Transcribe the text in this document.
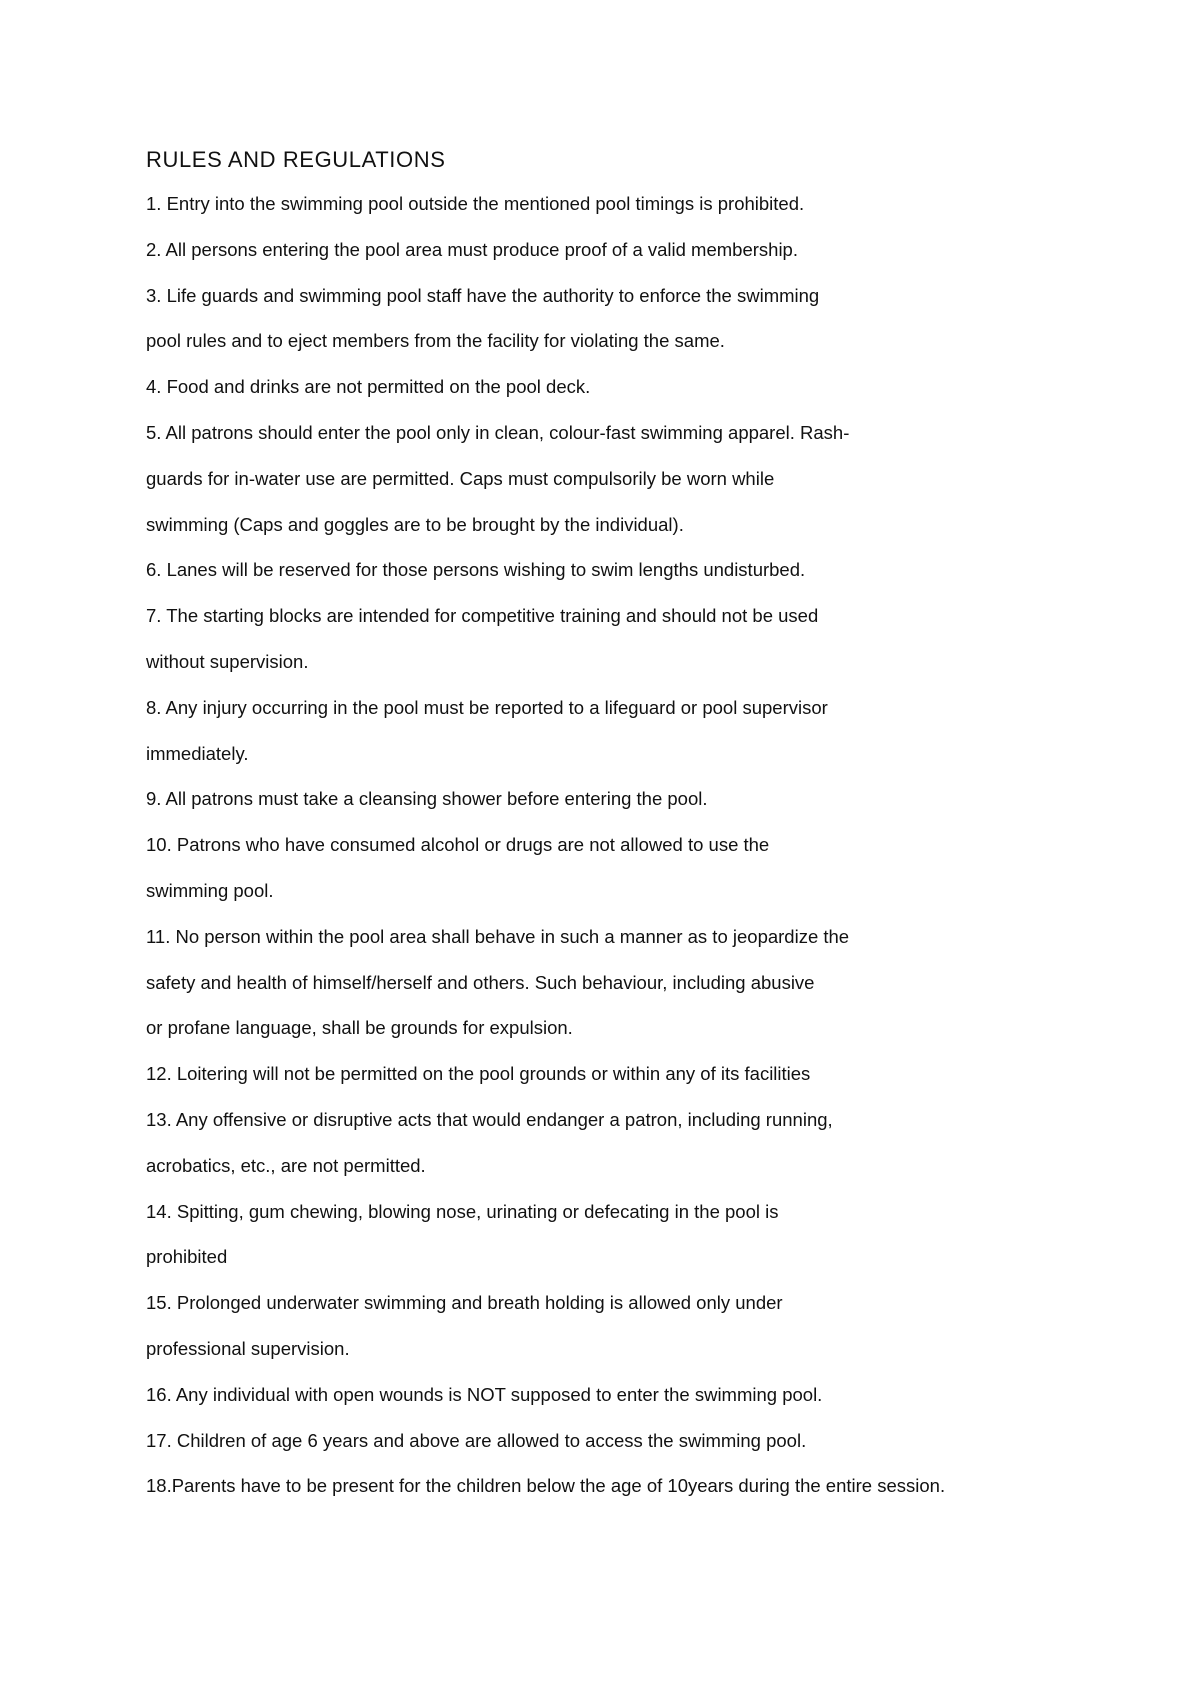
RULES AND REGULATIONS
1. Entry into the swimming pool outside the mentioned pool timings is prohibited.
2. All persons entering the pool area must produce proof of a valid membership.
3. Life guards and swimming pool staff have the authority to enforce the swimming
pool rules and to eject members from the facility for violating the same.
4. Food and drinks are not permitted on the pool deck.
5. All patrons should enter the pool only in clean, colour-fast swimming apparel. Rash-
guards for in-water use are permitted. Caps must compulsorily be worn while
swimming (Caps and goggles are to be brought by the individual).
6. Lanes will be reserved for those persons wishing to swim lengths undisturbed.
7. The starting blocks are intended for competitive training and should not be used
without supervision.
8. Any injury occurring in the pool must be reported to a lifeguard or pool supervisor
immediately.
9. All patrons must take a cleansing shower before entering the pool.
10. Patrons who have consumed alcohol or drugs are not allowed to use the
swimming pool.
11. No person within the pool area shall behave in such a manner as to jeopardize the
safety and health of himself/herself and others. Such behaviour, including abusive
or profane language, shall be grounds for expulsion.
12. Loitering will not be permitted on the pool grounds or within any of its facilities
13. Any offensive or disruptive acts that would endanger a patron, including running,
acrobatics, etc., are not permitted.
14. Spitting, gum chewing, blowing nose, urinating or defecating in the pool is
prohibited
15. Prolonged underwater swimming and breath holding is allowed only under
professional supervision.
16. Any individual with open wounds is NOT supposed to enter the swimming pool.
17. Children of age 6 years and above are allowed to access the swimming pool.
18.Parents have to be present for the children below the age of 10years during the entire session.
